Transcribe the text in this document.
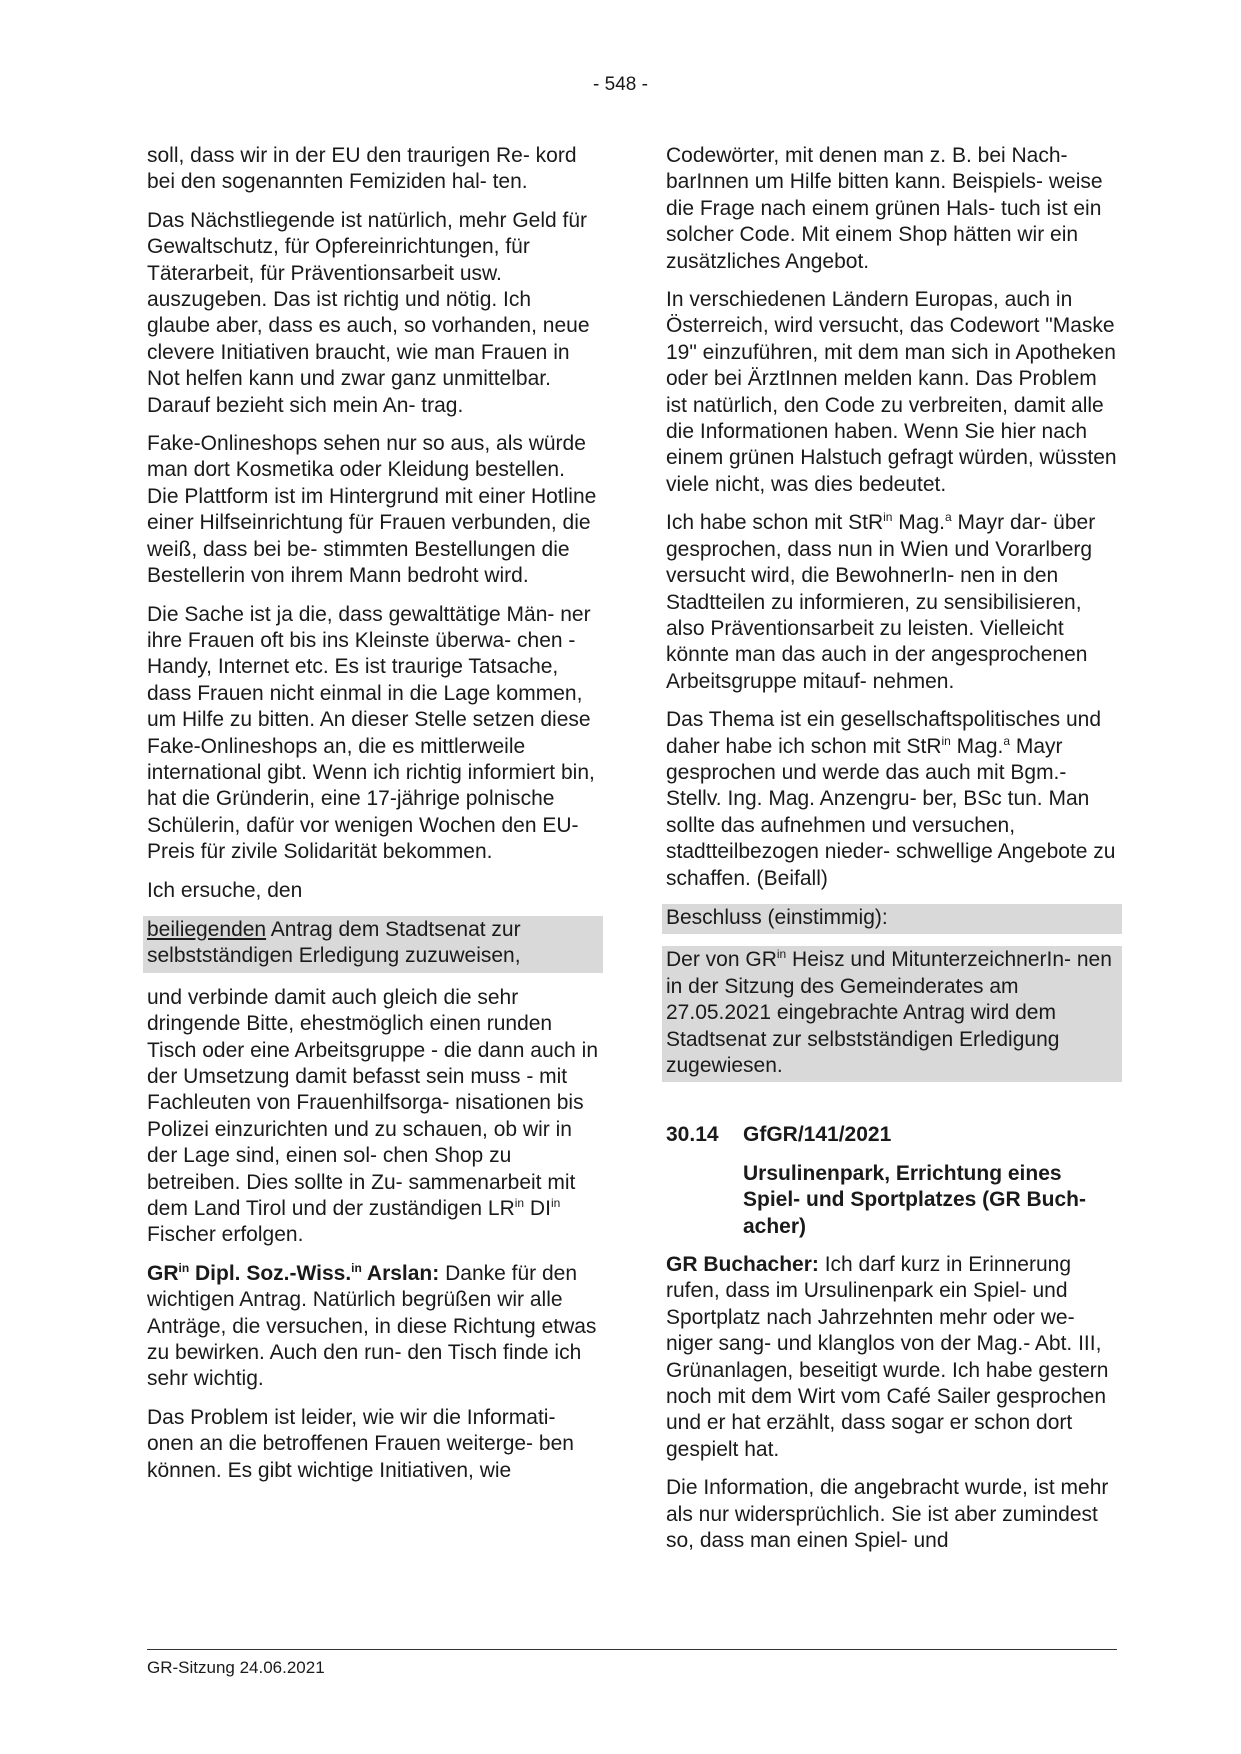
- 548 -

soll, dass wir in der EU den traurigen Re- kord bei den sogenannten Femiziden hal- ten.

Das Nächstliegende ist natürlich, mehr Geld für Gewaltschutz, für Opfereinrichtungen, für Täterarbeit, für Präventionsarbeit usw. auszugeben. Das ist richtig und nötig. Ich glaube aber, dass es auch, so vorhanden, neue clevere Initiativen braucht, wie man Frauen in Not helfen kann und zwar ganz unmittelbar. Darauf bezieht sich mein An- trag.

Fake-Onlineshops sehen nur so aus, als würde man dort Kosmetika oder Kleidung bestellen. Die Plattform ist im Hintergrund mit einer Hotline einer Hilfseinrichtung für Frauen verbunden, die weiß, dass bei be- stimmten Bestellungen die Bestellerin von ihrem Mann bedroht wird.

Die Sache ist ja die, dass gewalttätige Män- ner ihre Frauen oft bis ins Kleinste überwa- chen - Handy, Internet etc. Es ist traurige Tatsache, dass Frauen nicht einmal in die Lage kommen, um Hilfe zu bitten. An dieser Stelle setzen diese Fake-Onlineshops an, die es mittlerweile international gibt. Wenn ich richtig informiert bin, hat die Gründerin, eine 17-jährige polnische Schülerin, dafür vor wenigen Wochen den EU-Preis für zivile Solidarität bekommen.

Ich ersuche, den

beiliegenden Antrag dem Stadtsenat zur selbstständigen Erledigung zuzuweisen,

und verbinde damit auch gleich die sehr dringende Bitte, ehestmöglich einen runden Tisch oder eine Arbeitsgruppe - die dann auch in der Umsetzung damit befasst sein muss - mit Fachleuten von Frauenhilfsorga- nisationen bis Polizei einzurichten und zu schauen, ob wir in der Lage sind, einen sol- chen Shop zu betreiben. Dies sollte in Zu- sammenarbeit mit dem Land Tirol und der zuständigen $LR^{in}$ $DI^{in}$ Fischer erfolgen.

$GR^{in}$ Dipl. Soz.-Wiss.$^{in}$ Arslan: Danke für den wichtigen Antrag. Natürlich begrüßen wir alle Anträge, die versuchen, in diese Richtung etwas zu bewirken. Auch den run- den Tisch finde ich sehr wichtig.

Das Problem ist leider, wie wir die Informati- onen an die betroffenen Frauen weiterge- ben können. Es gibt wichtige Initiativen, wie

Codewörter, mit denen man z. B. bei Nach- barInnen um Hilfe bitten kann. Beispiels- weise die Frage nach einem grünen Hals- tuch ist ein solcher Code. Mit einem Shop hätten wir ein zusätzliches Angebot.

In verschiedenen Ländern Europas, auch in Österreich, wird versucht, das Codewort "Maske 19" einzuführen, mit dem man sich in Apotheken oder bei ÄrztInnen melden kann. Das Problem ist natürlich, den Code zu verbreiten, damit alle die Informationen haben. Wenn Sie hier nach einem grünen Halstuch gefragt würden, wüssten viele nicht, was dies bedeutet.

Ich habe schon mit StR$^{in}$ Mag.$^a$ Mayr dar- über gesprochen, dass nun in Wien und Vorarlberg versucht wird, die BewohnerIn- nen in den Stadtteilen zu informieren, zu sensibilisieren, also Präventionsarbeit zu leisten. Vielleicht könnte man das auch in der angesprochenen Arbeitsgruppe mitauf- nehmen.

Das Thema ist ein gesellschaftspolitisches und daher habe ich schon mit StR$^{in}$ Mag.$^a$ Mayr gesprochen und werde das auch mit Bgm.-Stellv. Ing. Mag. Anzengru- ber, BSc tun. Man sollte das aufnehmen und versuchen, stadtteilbezogen nieder- schwellige Angebote zu schaffen. (Beifall)

Beschluss (einstimmig):

Der von $GR^{in}$ Heisz und MitunterzeichnerIn- nen in der Sitzung des Gemeinderates am 27.05.2021 eingebrachte Antrag wird dem Stadtsenat zur selbstständigen Erledigung zugewiesen.

30.14	GfGR/141/2021

Ursulinenpark, Errichtung eines Spiel- und Sportplatzes (GR Buch- acher)

GR Buchacher: Ich darf kurz in Erinnerung rufen, dass im Ursulinenpark ein Spiel- und Sportplatz nach Jahrzehnten mehr oder we- niger sang- und klanglos von der Mag.- Abt. III, Grünanlagen, beseitigt wurde. Ich habe gestern noch mit dem Wirt vom Café Sailer gesprochen und er hat erzählt, dass sogar er schon dort gespielt hat.

Die Information, die angebracht wurde, ist mehr als nur widersprüchlich. Sie ist aber zumindest so, dass man einen Spiel- und

GR-Sitzung 24.06.2021
